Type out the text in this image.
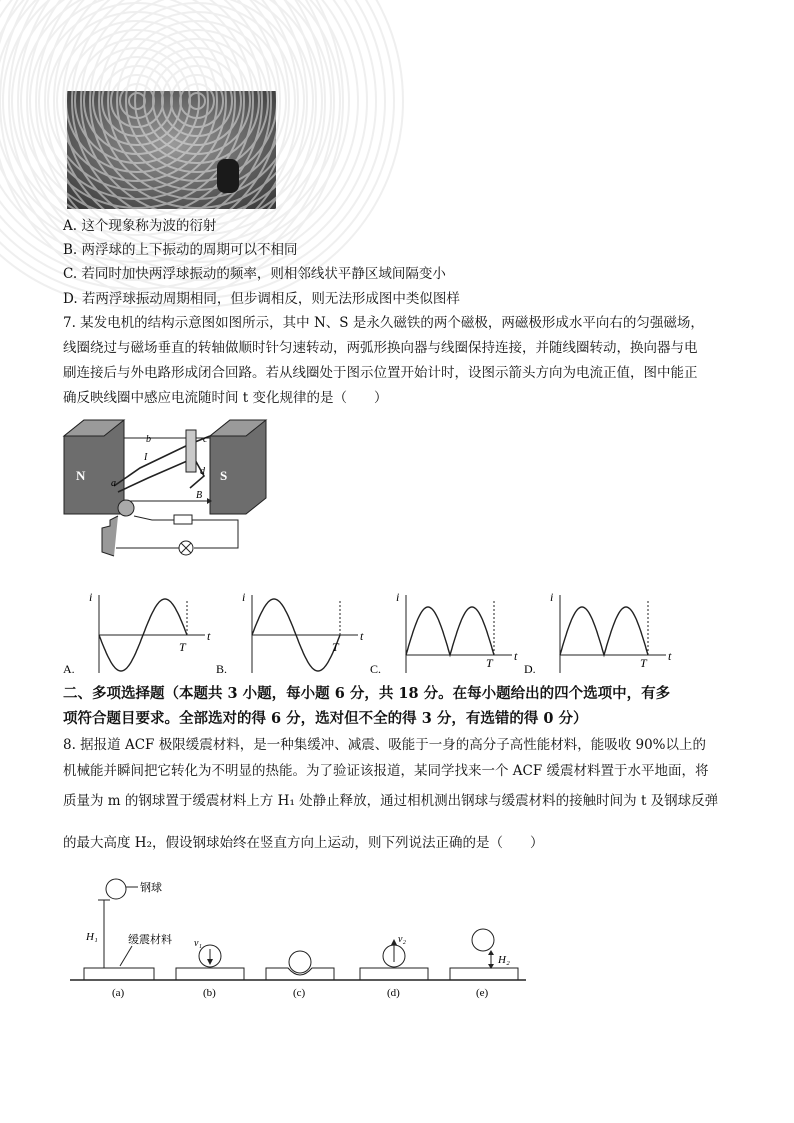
A. 这个现象称为波的衍射
B. 两浮球的上下振动的周期可以不相同
C. 若同时加快两浮球振动的频率，则相邻线状平静区域间隔变小
D. 若两浮球振动周期相同，但步调相反，则无法形成图中类似图样
7. 某发电机的结构示意图如图所示，其中 N、S 是永久磁铁的两个磁极，两磁极形成水平向右的匀强磁场，
线圈绕过与磁场垂直的转轴做顺时针匀速转动，两弧形换向器与线圈保持连接，并随线圈转动，换向器与电
刷连接后与外电路形成闭合回路。若从线圈处于图示位置开始计时，设图示箭头方向为电流正值，图中能正
确反映线圈中感应电流随时间 t 变化规律的是（　　）
N	S
a
b	c
d
I
B
i
t
T
A.
i
t
T
B.
i
t
T
C.
i
t
T
D.
二、多项选择题（本题共 3 小题，每小题 6 分，共 18 分。在每小题给出的四个选项中，有多
项符合题目要求。全部选对的得 6 分，选对但不全的得 3 分，有选错的得 0 分）
8. 据报道 ACF 极限缓震材料，是一种集缓冲、减震、吸能于一身的高分子高性能材料，能吸收 90%以上的
机械能并瞬间把它转化为不明显的热能。为了验证该报道，某同学找来一个 ACF 缓震材料置于水平地面，将
质量为 m 的钢球置于缓震材料上方 H₁ 处静止释放，通过相机测出钢球与缓震材料的接触时间为 t 及钢球反弹
的最大高度 H₂，假设钢球始终在竖直方向上运动，则下列说法正确的是（　　）
钢球
H₁	缓震材料 v₁	v₂
H₂
(a)	(b)	(c)	(d)	(e)
